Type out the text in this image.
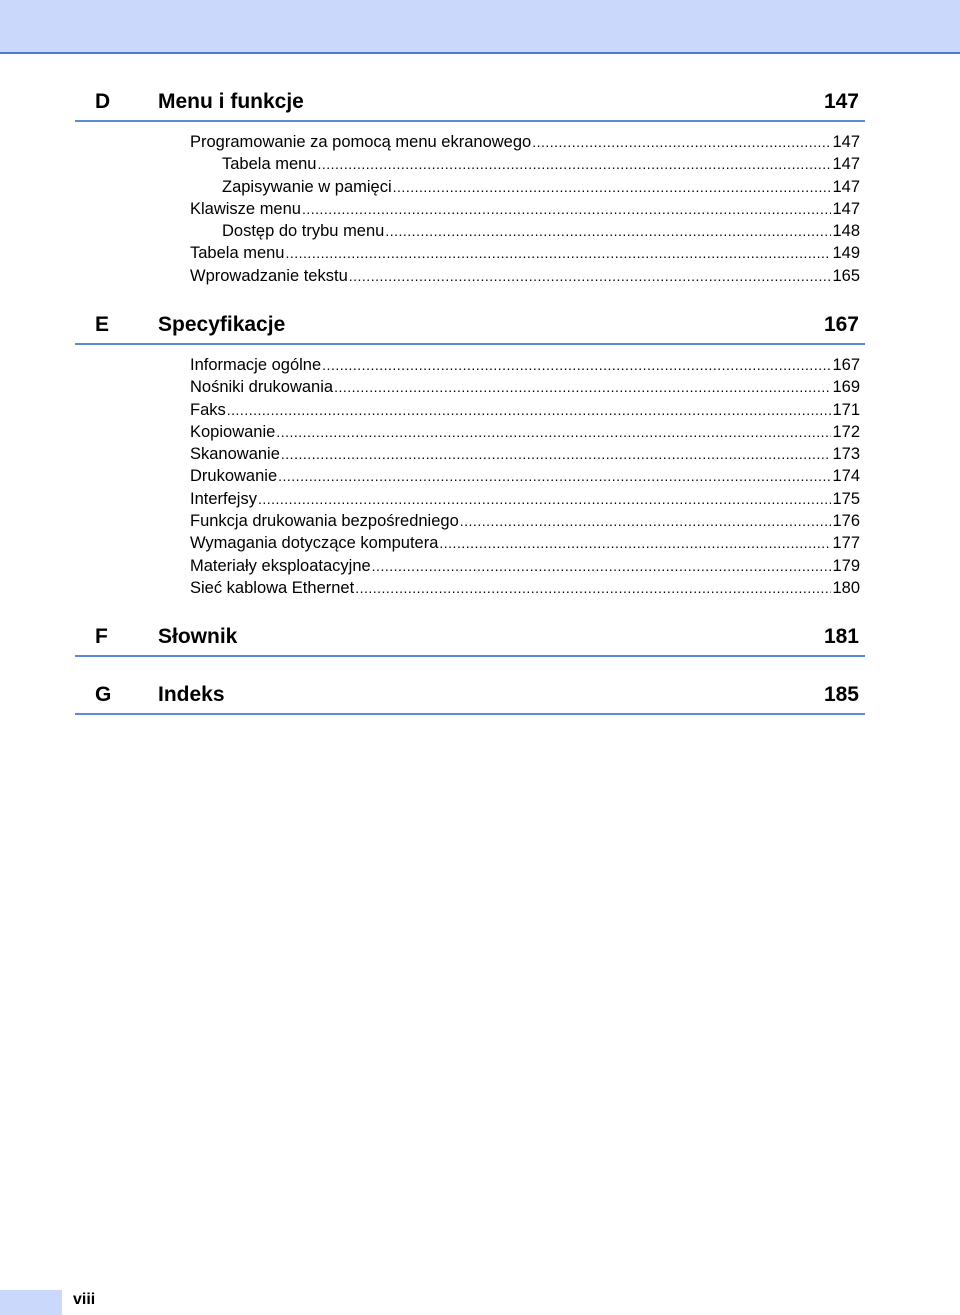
D Menu i funkcje	147
Programowanie za pomocą menu ekranowego .....	147
Tabela menu .....	147
Zapisywanie w pamięci .....	147
Klawisze menu .....	147
Dostęp do trybu menu .....	148
Tabela menu .....	149
Wprowadzanie tekstu .....	165
E Specyfikacje	167
Informacje ogólne .....	167
Nośniki drukowania .....	169
Faks .....	171
Kopiowanie .....	172
Skanowanie .....	173
Drukowanie .....	174
Interfejsy .....	175
Funkcja drukowania bezpośredniego .....	176
Wymagania dotyczące komputera .....	177
Materiały eksploatacyjne .....	179
Sieć kablowa Ethernet .....	180
F Słownik	181
G Indeks	185
viii
